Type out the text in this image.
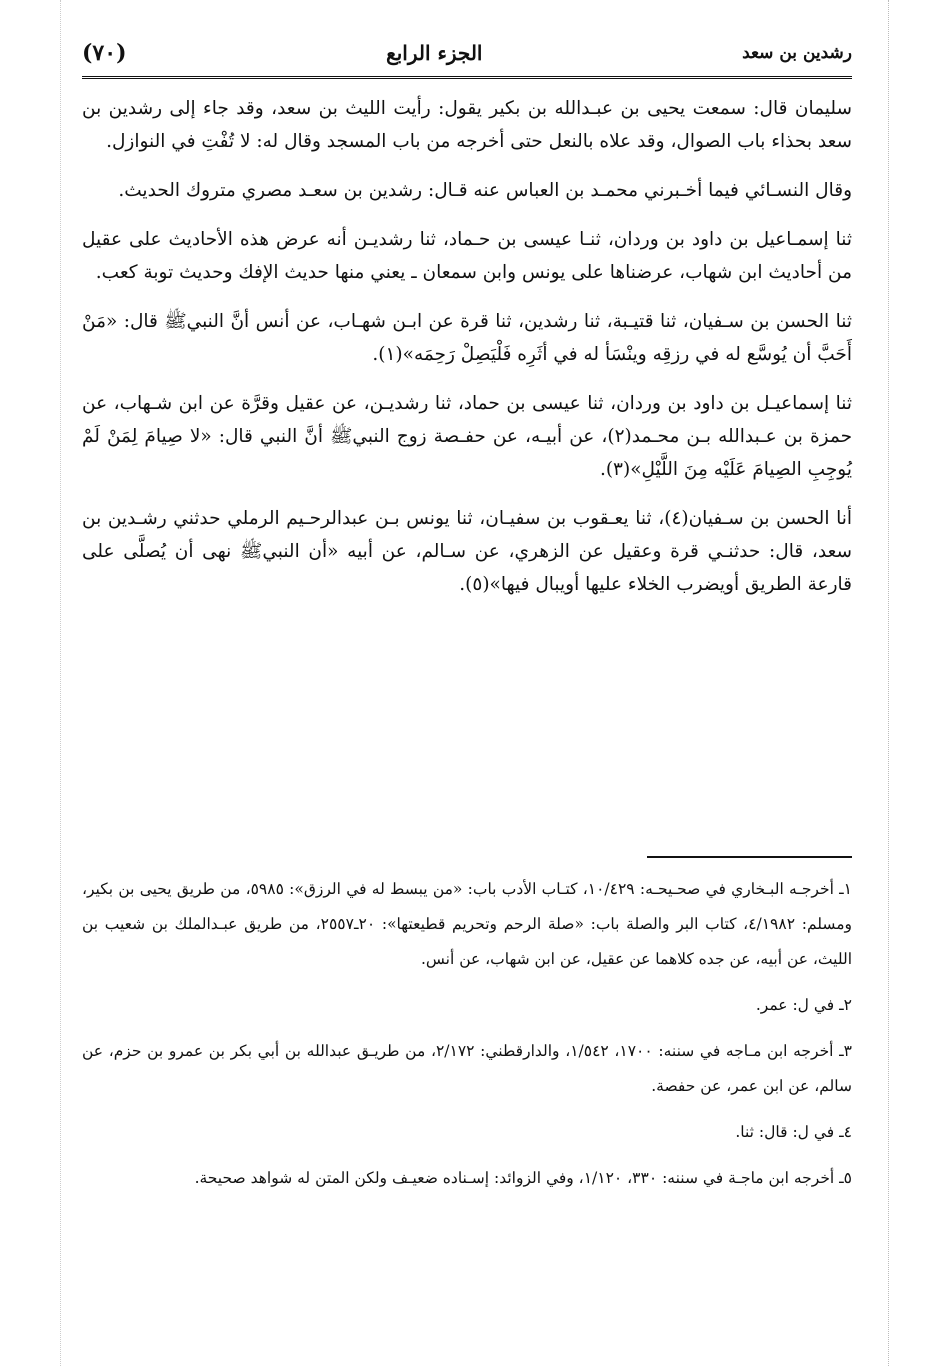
(٧٠)	الجزء الرابع	رشدين بن سعد

سليمان قال: سمعت يحيى بن عبـدالله بن بكير يقول: رأيت الليث بن سعد، وقد جاء إلى رشدين بن سعد بحذاء باب الصوال، وقد علاه بالنعل حتى أخرجه من باب المسجد وقال له: لا تُفْتِ في النوازل.

وقال النسـائي فيما أخـبرني محمـد بن العباس عنه قـال: رشدين بن سعـد مصري متروك الحديث.

ثنا إسمـاعيل بن داود بن وردان، ثنـا عيسى بن حـماد، ثنا رشديـن أنه عرض هذه الأحاديث على عقيل من أحاديث ابن شهاب، عرضناها على يونس وابن سمعان ـ يعني منها حديث الإفك وحديث توبة كعب.

ثنا الحسن بن سـفيان، ثنا قتيـبة، ثنا رشدين، ثنا قرة عن ابـن شهـاب، عن أنس أنَّ النبيﷺ قال: «مَنْ أَحَبَّ أن يُوسَّع له في رزقِه وينْسَأ له في أثَرِه فَلْيَصِلْ رَحِمَه»(١).

ثنا إسماعيـل بن داود بن وردان، ثنا عيسى بن حماد، ثنا رشديـن، عن عقيل وقرَّة عن ابن شـهاب، عن حمزة بن عـبدالله بـن محـمد(٢)، عن أبيـه، عن حفـصة زوج النبيﷺ أنَّ النبي قال: «لا صِيامَ لِمَنْ لَمْ يُوجِبِ الصِيامَ عَلَيْه مِنَ اللَّيْلِ»(٣).

أنا الحسن بن سـفيان(٤)، ثنا يعـقوب بن سفيـان، ثنا يونس بـن عبدالرحـيم الرملي حدثني رشـدين بن سعد، قال: حدثنـي قرة وعقيل عن الزهري، عن سـالم، عن أبيه «أن النبيﷺ نهى أن يُصلَّى على قارعة الطريق أويضرب الخلاء عليها أويبال فيها»(٥).

١ـ أخرجـه البـخاري في صحـيحـه: ١٠/٤٢٩، كتـاب الأدب باب: «من يبسط له في الرزق»: ٥٩٨٥، من طريق يحيى بن بكير، ومسلم: ٤/١٩٨٢، كتاب البر والصلة باب: «صلة الرحم وتحريم قطيعتها»: ٢٠ـ٢٥٥٧، من طريق عبـدالملك بن شعيب بن الليث، عن أبيه، عن جده كلاهما عن عقيل، عن ابن شهاب، عن أنس.

٢ـ في ل: عمر.

٣ـ أخرجه ابن مـاجه في سننه: ١٧٠٠، ١/٥٤٢، والدارقطني: ٢/١٧٢، من طريـق عبدالله بن أبي بكر بن عمرو بن حزم، عن سالم، عن ابن عمر، عن حفصة.

٤ـ في ل: قال: ثنا.

٥ـ أخرجه ابن ماجـة في سننه: ٣٣٠، ١/١٢٠، وفي الزوائد: إسـناده ضعيـف ولكن المتن له شواهد صحيحة.
